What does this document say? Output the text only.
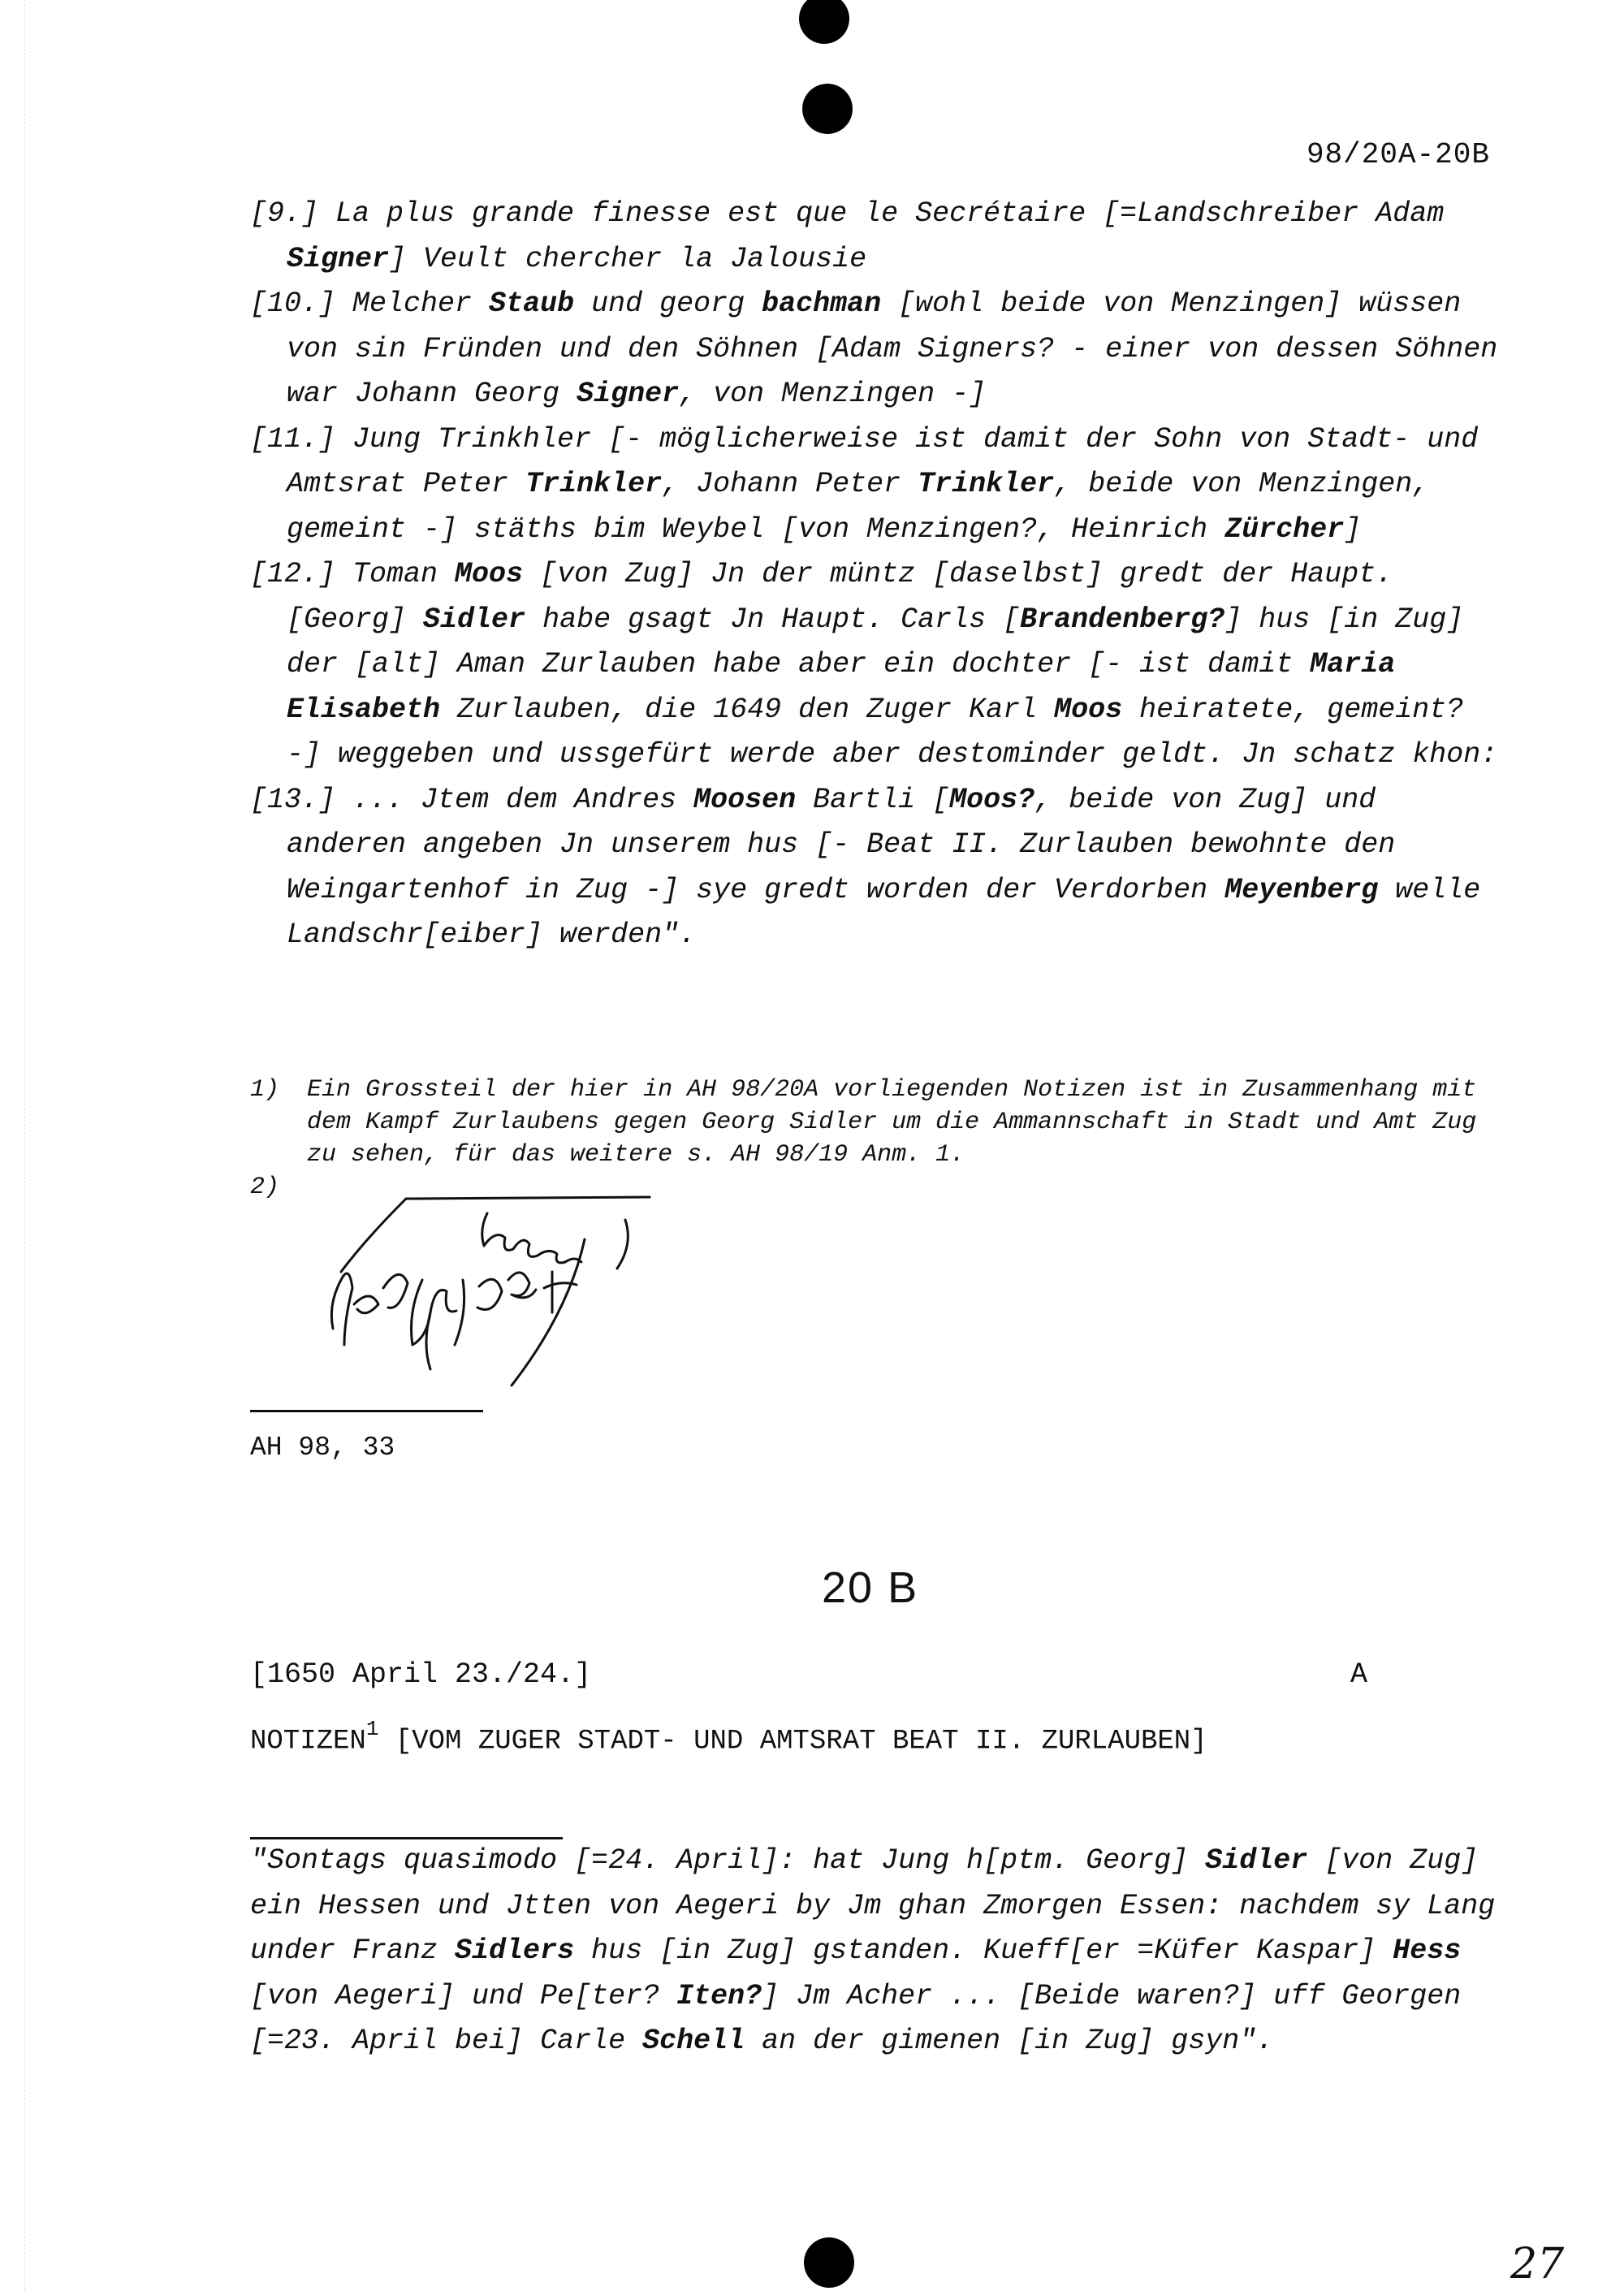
98/20A-20B

[9.] La plus grande finesse est que le Secrétaire [=Landschreiber Adam Signer] Veult chercher la Jalousie

[10.] Melcher Staub und georg bachman [wohl beide von Menzingen] wüssen von sin Fründen und den Söhnen [Adam Signers? - einer von dessen Söhnen war Johann Georg Signer, von Menzingen -]

[11.] Jung Trinkhler [- möglicherweise ist damit der Sohn von Stadt- und Amtsrat Peter Trinkler, Johann Peter Trinkler, beide von Menzingen, gemeint -] stäths bim Weybel [von Menzingen?, Heinrich Zürcher]

[12.] Toman Moos [von Zug] Jn der müntz [daselbst] gredt der Haupt. [Georg] Sidler habe gsagt Jn Haupt. Carls [Brandenberg?] hus [in Zug] der [alt] Aman Zurlauben habe aber ein dochter [- ist damit Maria Elisabeth Zurlauben, die 1649 den Zuger Karl Moos heiratete, gemeint? -] weggeben und ussgefürt werde aber destominder geldt. Jn schatz khon:

[13.] ... Jtem dem Andres Moosen Bartli [Moos?, beide von Zug] und anderen angeben Jn unserem hus [- Beat II. Zurlauben bewohnte den Weingartenhof in Zug -] sye gredt worden der Verdorben Meyenberg welle Landschr[eiber] werden".

1)	Ein Grossteil der hier in AH 98/20A vorliegenden Notizen ist in Zusammenhang mit dem Kampf Zurlaubens gegen Georg Sidler um die Ammannschaft in Stadt und Amt Zug zu sehen, für das weitere s. AH 98/19 Anm. 1.
2)
AH 98, 33
20 B
[1650 April 23./24.]	A
NOTIZEN$^1$ [VOM ZUGER STADT- UND AMTSRAT BEAT II. ZURLAUBEN]

"Sontags quasimodo [=24. April]: hat Jung h[ptm. Georg] Sidler [von Zug] ein Hessen und Jtten von Aegeri by Jm ghan Zmorgen Essen: nachdem sy Lang under Franz Sidlers hus [in Zug] gstanden. Kueff[er =Küfer Kaspar] Hess [von Aegeri] und Pe[ter? Iten?] Jm Acher ... [Beide waren?] uff Georgen [=23. April bei] Carle Schell an der gimenen [in Zug] gsyn".

27
